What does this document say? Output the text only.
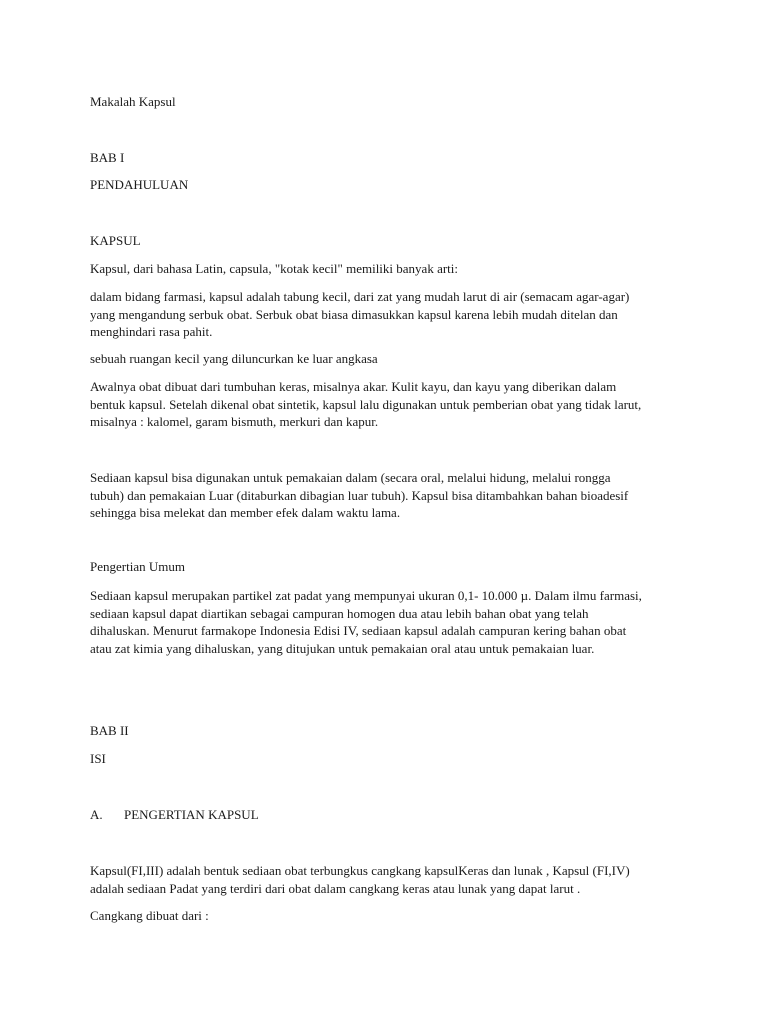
Makalah Kapsul

BAB I

PENDAHULUAN

KAPSUL

Kapsul, dari bahasa Latin, capsula, "kotak kecil" memiliki banyak arti:

dalam bidang farmasi, kapsul adalah tabung kecil, dari zat yang mudah larut di air (semacam agar-agar)
yang mengandung serbuk obat. Serbuk obat biasa dimasukkan kapsul karena lebih mudah ditelan dan
menghindari rasa pahit.

sebuah ruangan kecil yang diluncurkan ke luar angkasa

Awalnya obat dibuat dari tumbuhan keras, misalnya akar. Kulit kayu, dan kayu yang diberikan dalam
bentuk kapsul. Setelah dikenal obat sintetik, kapsul lalu digunakan untuk pemberian obat yang tidak larut,
misalnya : kalomel, garam bismuth, merkuri dan kapur.
Sediaan kapsul bisa digunakan untuk pemakaian dalam (secara oral, melalui hidung, melalui rongga
tubuh) dan pemakaian Luar (ditaburkan dibagian luar tubuh). Kapsul bisa ditambahkan bahan bioadesif
sehingga bisa melekat dan member efek dalam waktu lama.

Pengertian Umum

Sediaan kapsul merupakan partikel zat padat yang mempunyai ukuran 0,1- 10.000 µ. Dalam ilmu farmasi,
sediaan kapsul dapat diartikan sebagai campuran homogen dua atau lebih bahan obat yang telah
dihaluskan. Menurut farmakope Indonesia Edisi IV, sediaan kapsul adalah campuran kering bahan obat
atau zat kimia yang dihaluskan, yang ditujukan untuk pemakaian oral atau untuk pemakaian luar.

BAB II

ISI

A. PENGERTIAN KAPSUL

Kapsul(FI,III) adalah bentuk sediaan obat terbungkus cangkang kapsulKeras dan lunak , Kapsul (FI,IV)
adalah sediaan Padat yang terdiri dari obat dalam cangkang keras atau lunak yang dapat larut .

Cangkang dibuat dari :
